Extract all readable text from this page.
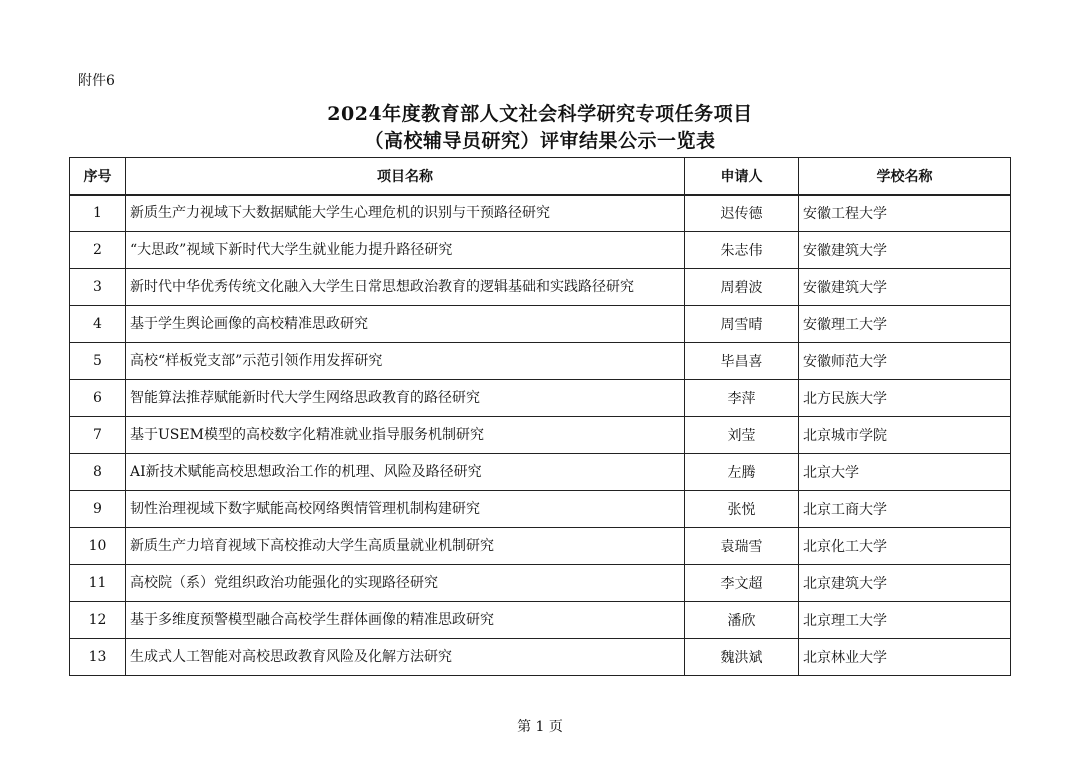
附件6
2024年度教育部人文社会科学研究专项任务项目
（高校辅导员研究）评审结果公示一览表
序号	项目名称	申请人	学校名称
1	新质生产力视域下大数据赋能大学生心理危机的识别与干预路径研究	迟传德	安徽工程大学
2	“大思政”视域下新时代大学生就业能力提升路径研究	朱志伟	安徽建筑大学
3	新时代中华优秀传统文化融入大学生日常思想政治教育的逻辑基础和实践路径研究	周碧波	安徽建筑大学
4	基于学生舆论画像的高校精准思政研究	周雪晴	安徽理工大学
5	高校“样板党支部”示范引领作用发挥研究	毕昌喜	安徽师范大学
6	智能算法推荐赋能新时代大学生网络思政教育的路径研究	李萍	北方民族大学
7	基于USEM模型的高校数字化精准就业指导服务机制研究	刘莹	北京城市学院
8	AI新技术赋能高校思想政治工作的机理、风险及路径研究	左腾	北京大学
9	韧性治理视域下数字赋能高校网络舆情管理机制构建研究	张悦	北京工商大学
10	新质生产力培育视域下高校推动大学生高质量就业机制研究	袁瑞雪	北京化工大学
11	高校院（系）党组织政治功能强化的实现路径研究	李文超	北京建筑大学
12	基于多维度预警模型融合高校学生群体画像的精准思政研究	潘欣	北京理工大学
13	生成式人工智能对高校思政教育风险及化解方法研究	魏洪斌	北京林业大学
第 1 页
